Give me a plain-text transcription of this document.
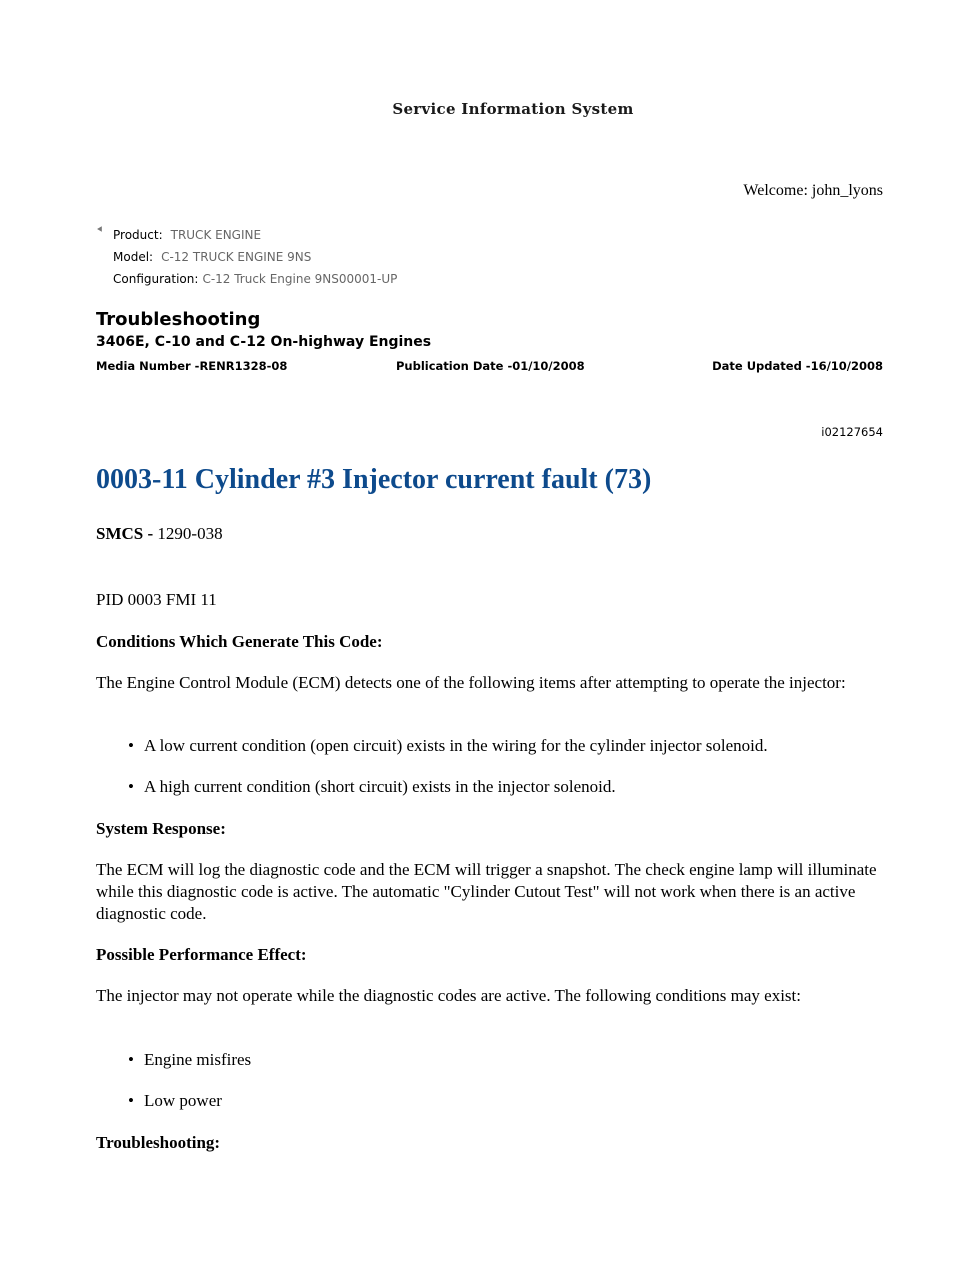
Service Information System
Welcome: john_lyons
⯇ Product: TRUCK ENGINE
Model: C-12 TRUCK ENGINE 9NS
Configuration: C-12 Truck Engine 9NS00001-UP
Troubleshooting
3406E, C-10 and C-12 On-highway Engines
Media Number -RENR1328-08	Publication Date -01/10/2008	Date Updated -16/10/2008
i02127654
0003-11 Cylinder #3 Injector current fault (73)
SMCS - 1290-038
PID 0003 FMI 11
Conditions Which Generate This Code:
The Engine Control Module (ECM) detects one of the following items after attempting to operate the injector:
• A low current condition (open circuit) exists in the wiring for the cylinder injector solenoid.
• A high current condition (short circuit) exists in the injector solenoid.
System Response:
The ECM will log the diagnostic code and the ECM will trigger a snapshot. The check engine lamp will illuminate while this diagnostic code is active. The automatic "Cylinder Cutout Test" will not work when there is an active diagnostic code.
Possible Performance Effect:
The injector may not operate while the diagnostic codes are active. The following conditions may exist:
• Engine misfires
• Low power
Troubleshooting:
